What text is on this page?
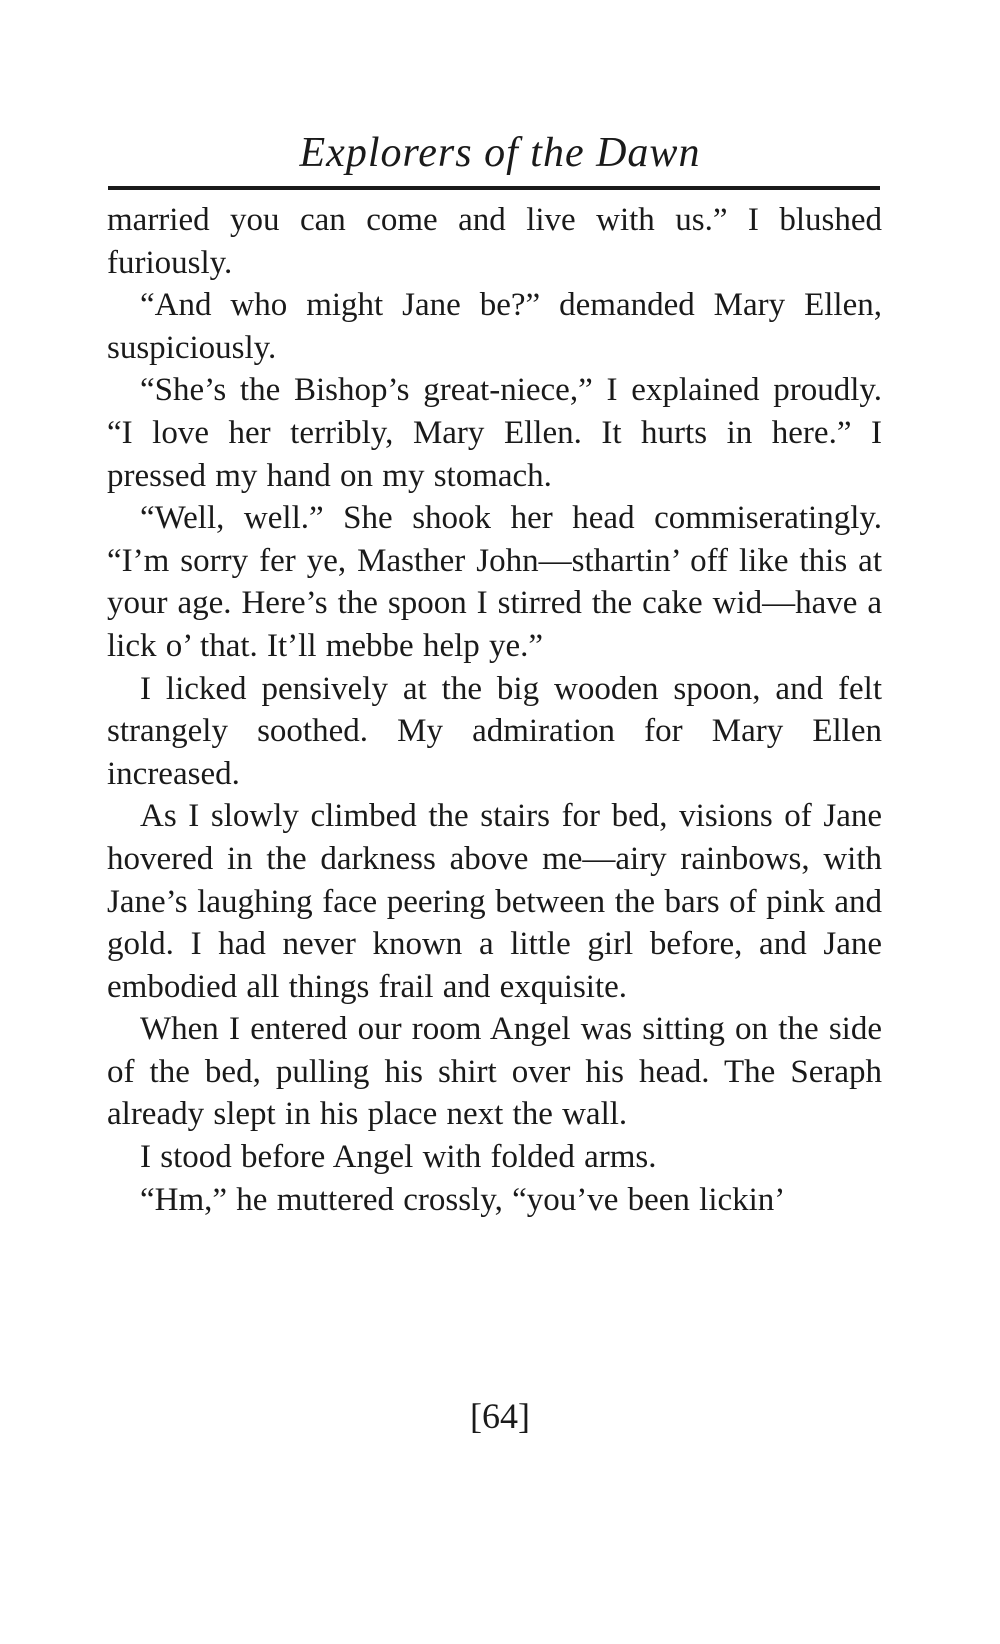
Explorers of the Dawn

married you can come and live with us.” I blushed furiously.

“And who might Jane be?” demanded Mary Ellen, suspiciously.

“She’s the Bishop’s great-niece,” I explained proudly. “I love her terribly, Mary Ellen. It hurts in here.” I pressed my hand on my stomach.

“Well, well.” She shook her head commiseratingly. “I’m sorry fer ye, Masther John—sthartin’ off like this at your age. Here’s the spoon I stirred the cake wid—have a lick o’ that. It’ll mebbe help ye.”

I licked pensively at the big wooden spoon, and felt strangely soothed. My admiration for Mary Ellen increased.

As I slowly climbed the stairs for bed, visions of Jane hovered in the darkness above me—airy rainbows, with Jane’s laughing face peering between the bars of pink and gold. I had never known a little girl before, and Jane embodied all things frail and exquisite.

When I entered our room Angel was sitting on the side of the bed, pulling his shirt over his head. The Seraph already slept in his place next the wall.

I stood before Angel with folded arms.

“Hm,” he muttered crossly, “you’ve been lickin’

[64]
